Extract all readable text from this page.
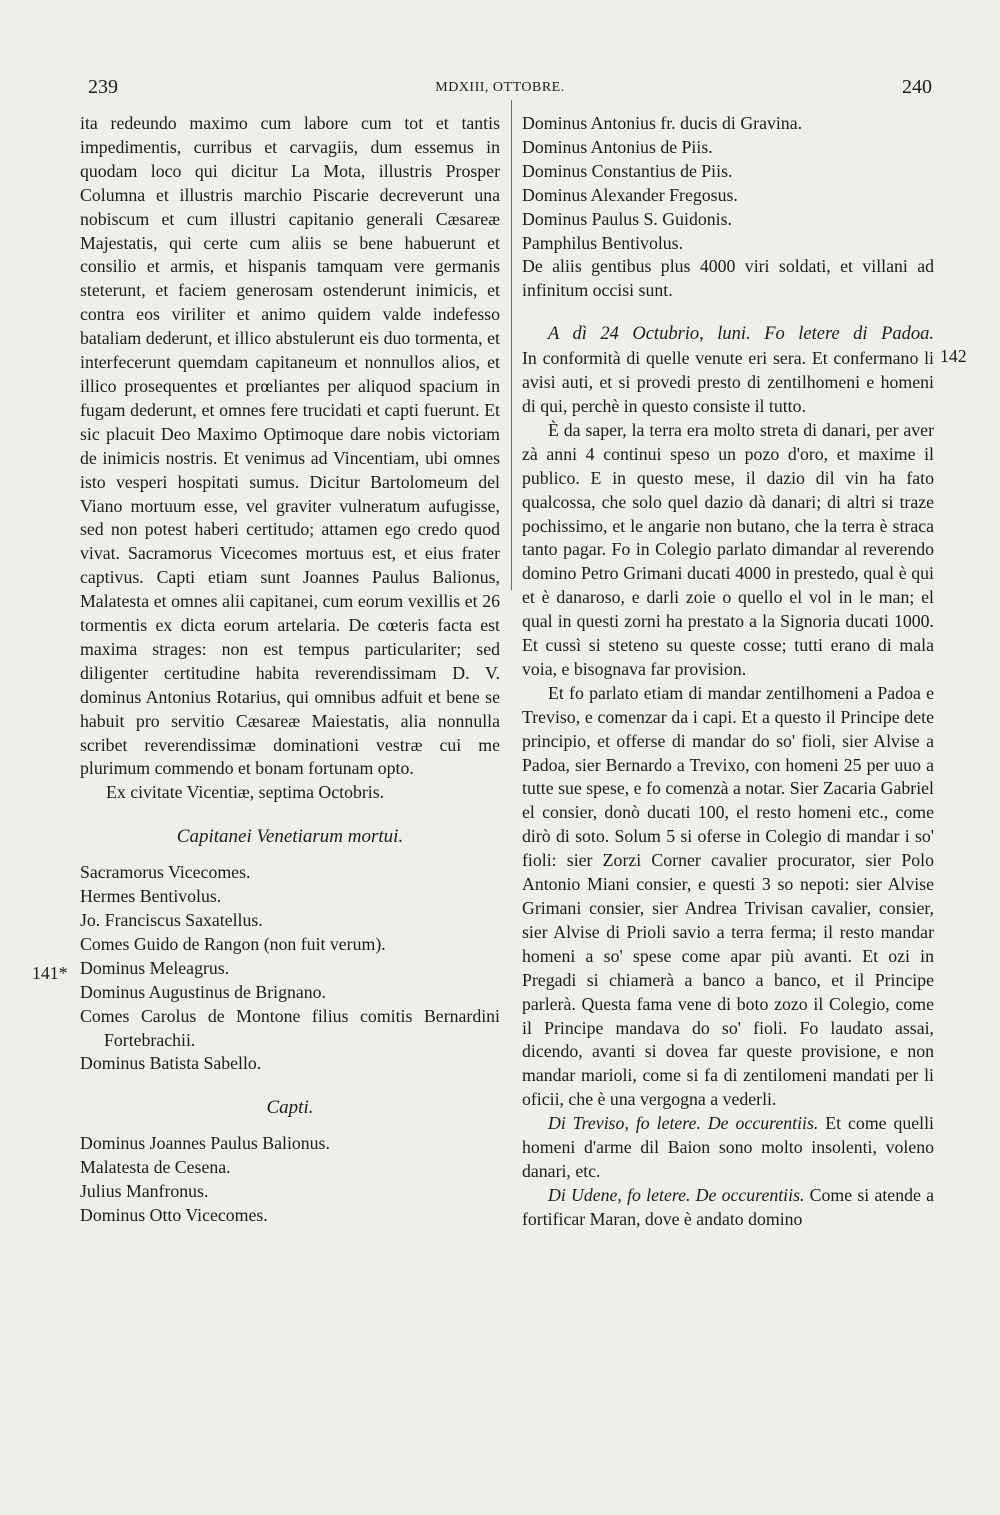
239	MDXIII, OTTOBRE.	240
141*
142

ita redeundo maximo cum labore cum tot et tantis impedimentis, curribus et carvagiis, dum essemus in quodam loco qui dicitur La Mota, illustris Prosper Columna et illustris marchio Piscarie decreverunt una nobiscum et cum illustri capitanio generali Cæsareæ Majestatis, qui certe cum aliis se bene habuerunt et consilio et armis, et hispanis tamquam vere germanis steterunt, et faciem generosam ostenderunt inimicis, et contra eos viriliter et animo quidem valde indefesso bataliam dederunt, et illico abstulerunt eis duo tormenta, et interfecerunt quemdam capitaneum et nonnullos alios, et illico prosequentes et prœliantes per aliquod spacium in fugam dederunt, et omnes fere trucidati et capti fuerunt. Et sic placuit Deo Maximo Optimoque dare nobis victoriam de inimicis nostris. Et venimus ad Vincentiam, ubi omnes isto vesperi hospitati sumus. Dicitur Bartolomeum del Viano mortuum esse, vel graviter vulneratum aufugisse, sed non potest haberi certitudo; attamen ego credo quod vivat. Sacramorus Vicecomes mortuus est, et eius frater captivus. Capti etiam sunt Joannes Paulus Balionus, Malatesta et omnes alii capitanei, cum eorum vexillis et 26 tormentis ex dicta eorum artelaria. De cœteris facta est maxima strages: non est tempus particulariter; sed diligenter certitudine habita reverendissimam D. V. dominus Antonius Rotarius, qui omnibus adfuit et bene se habuit pro servitio Cæsareæ Maiestatis, alia nonnulla scribet reverendissimæ dominationi vestræ cui me plurimum commendo et bonam fortunam opto.

Ex civitate Vicentiæ, septima Octobris.

Capitanei Venetiarum mortui.

Sacramorus Vicecomes.

Hermes Bentivolus.

Jo. Franciscus Saxatellus.

Comes Guido de Rangon (non fuit verum).

Dominus Meleagrus.

Dominus Augustinus de Brignano.

Comes Carolus de Montone filius comitis Bernardini Fortebrachii.

Dominus Batista Sabello.

Capti.

Dominus Joannes Paulus Balionus.

Malatesta de Cesena.

Julius Manfronus.

Dominus Otto Vicecomes.

Dominus Antonius fr. ducis di Gravina.

Dominus Antonius de Piis.

Dominus Constantius de Piis.

Dominus Alexander Fregosus.

Dominus Paulus S. Guidonis.

Pamphilus Bentivolus.

De aliis gentibus plus 4000 viri soldati, et villani ad infinitum occisi sunt.

A dì 24 Octubrio, luni. Fo letere di Padoa.

In conformità di quelle venute eri sera. Et confermano li avisi auti, et si provedi presto di zentilhomeni e homeni di qui, perchè in questo consiste il tutto.

È da saper, la terra era molto streta di danari, per aver zà anni 4 continui speso un pozo d'oro, et maxime il publico. E in questo mese, il dazio dil vin ha fato qualcossa, che solo quel dazio dà danari; di altri si traze pochissimo, et le angarie non butano, che la terra è straca tanto pagar. Fo in Colegio parlato dimandar al reverendo domino Petro Grimani ducati 4000 in prestedo, qual è qui et è danaroso, e darli zoie o quello el vol in le man; el qual in questi zorni ha prestato a la Signoria ducati 1000. Et cussì si steteno su queste cosse; tutti erano di mala voia, e bisognava far provision.

Et fo parlato etiam di mandar zentilhomeni a Padoa e Treviso, e comenzar da i capi. Et a questo il Principe dete principio, et offerse di mandar do so' fioli, sier Alvise a Padoa, sier Bernardo a Trevixo, con homeni 25 per uuo a tutte sue spese, e fo comenzà a notar. Sier Zacaria Gabriel el consier, donò ducati 100, el resto homeni etc., come dirò di soto. Solum 5 si oferse in Colegio di mandar i so' fioli: sier Zorzi Corner cavalier procurator, sier Polo Antonio Miani consier, e questi 3 so nepoti: sier Alvise Grimani consier, sier Andrea Trivisan cavalier, consier, sier Alvise di Prioli savio a terra ferma; il resto mandar homeni a so' spese come apar più avanti. Et ozi in Pregadi si chiamerà a banco a banco, et il Principe parlerà. Questa fama vene di boto zozo il Colegio, come il Principe mandava do so' fioli. Fo laudato assai, dicendo, avanti si dovea far queste provisione, e non mandar marioli, come si fa di zentilomeni mandati per li oficii, che è una vergogna a vederli.

Di Treviso, fo letere. De occurentiis. Et come quelli homeni d'arme dil Baion sono molto insolenti, voleno danari, etc.

Di Udene, fo letere. De occurentiis. Come si atende a fortificar Maran, dove è andato domino
